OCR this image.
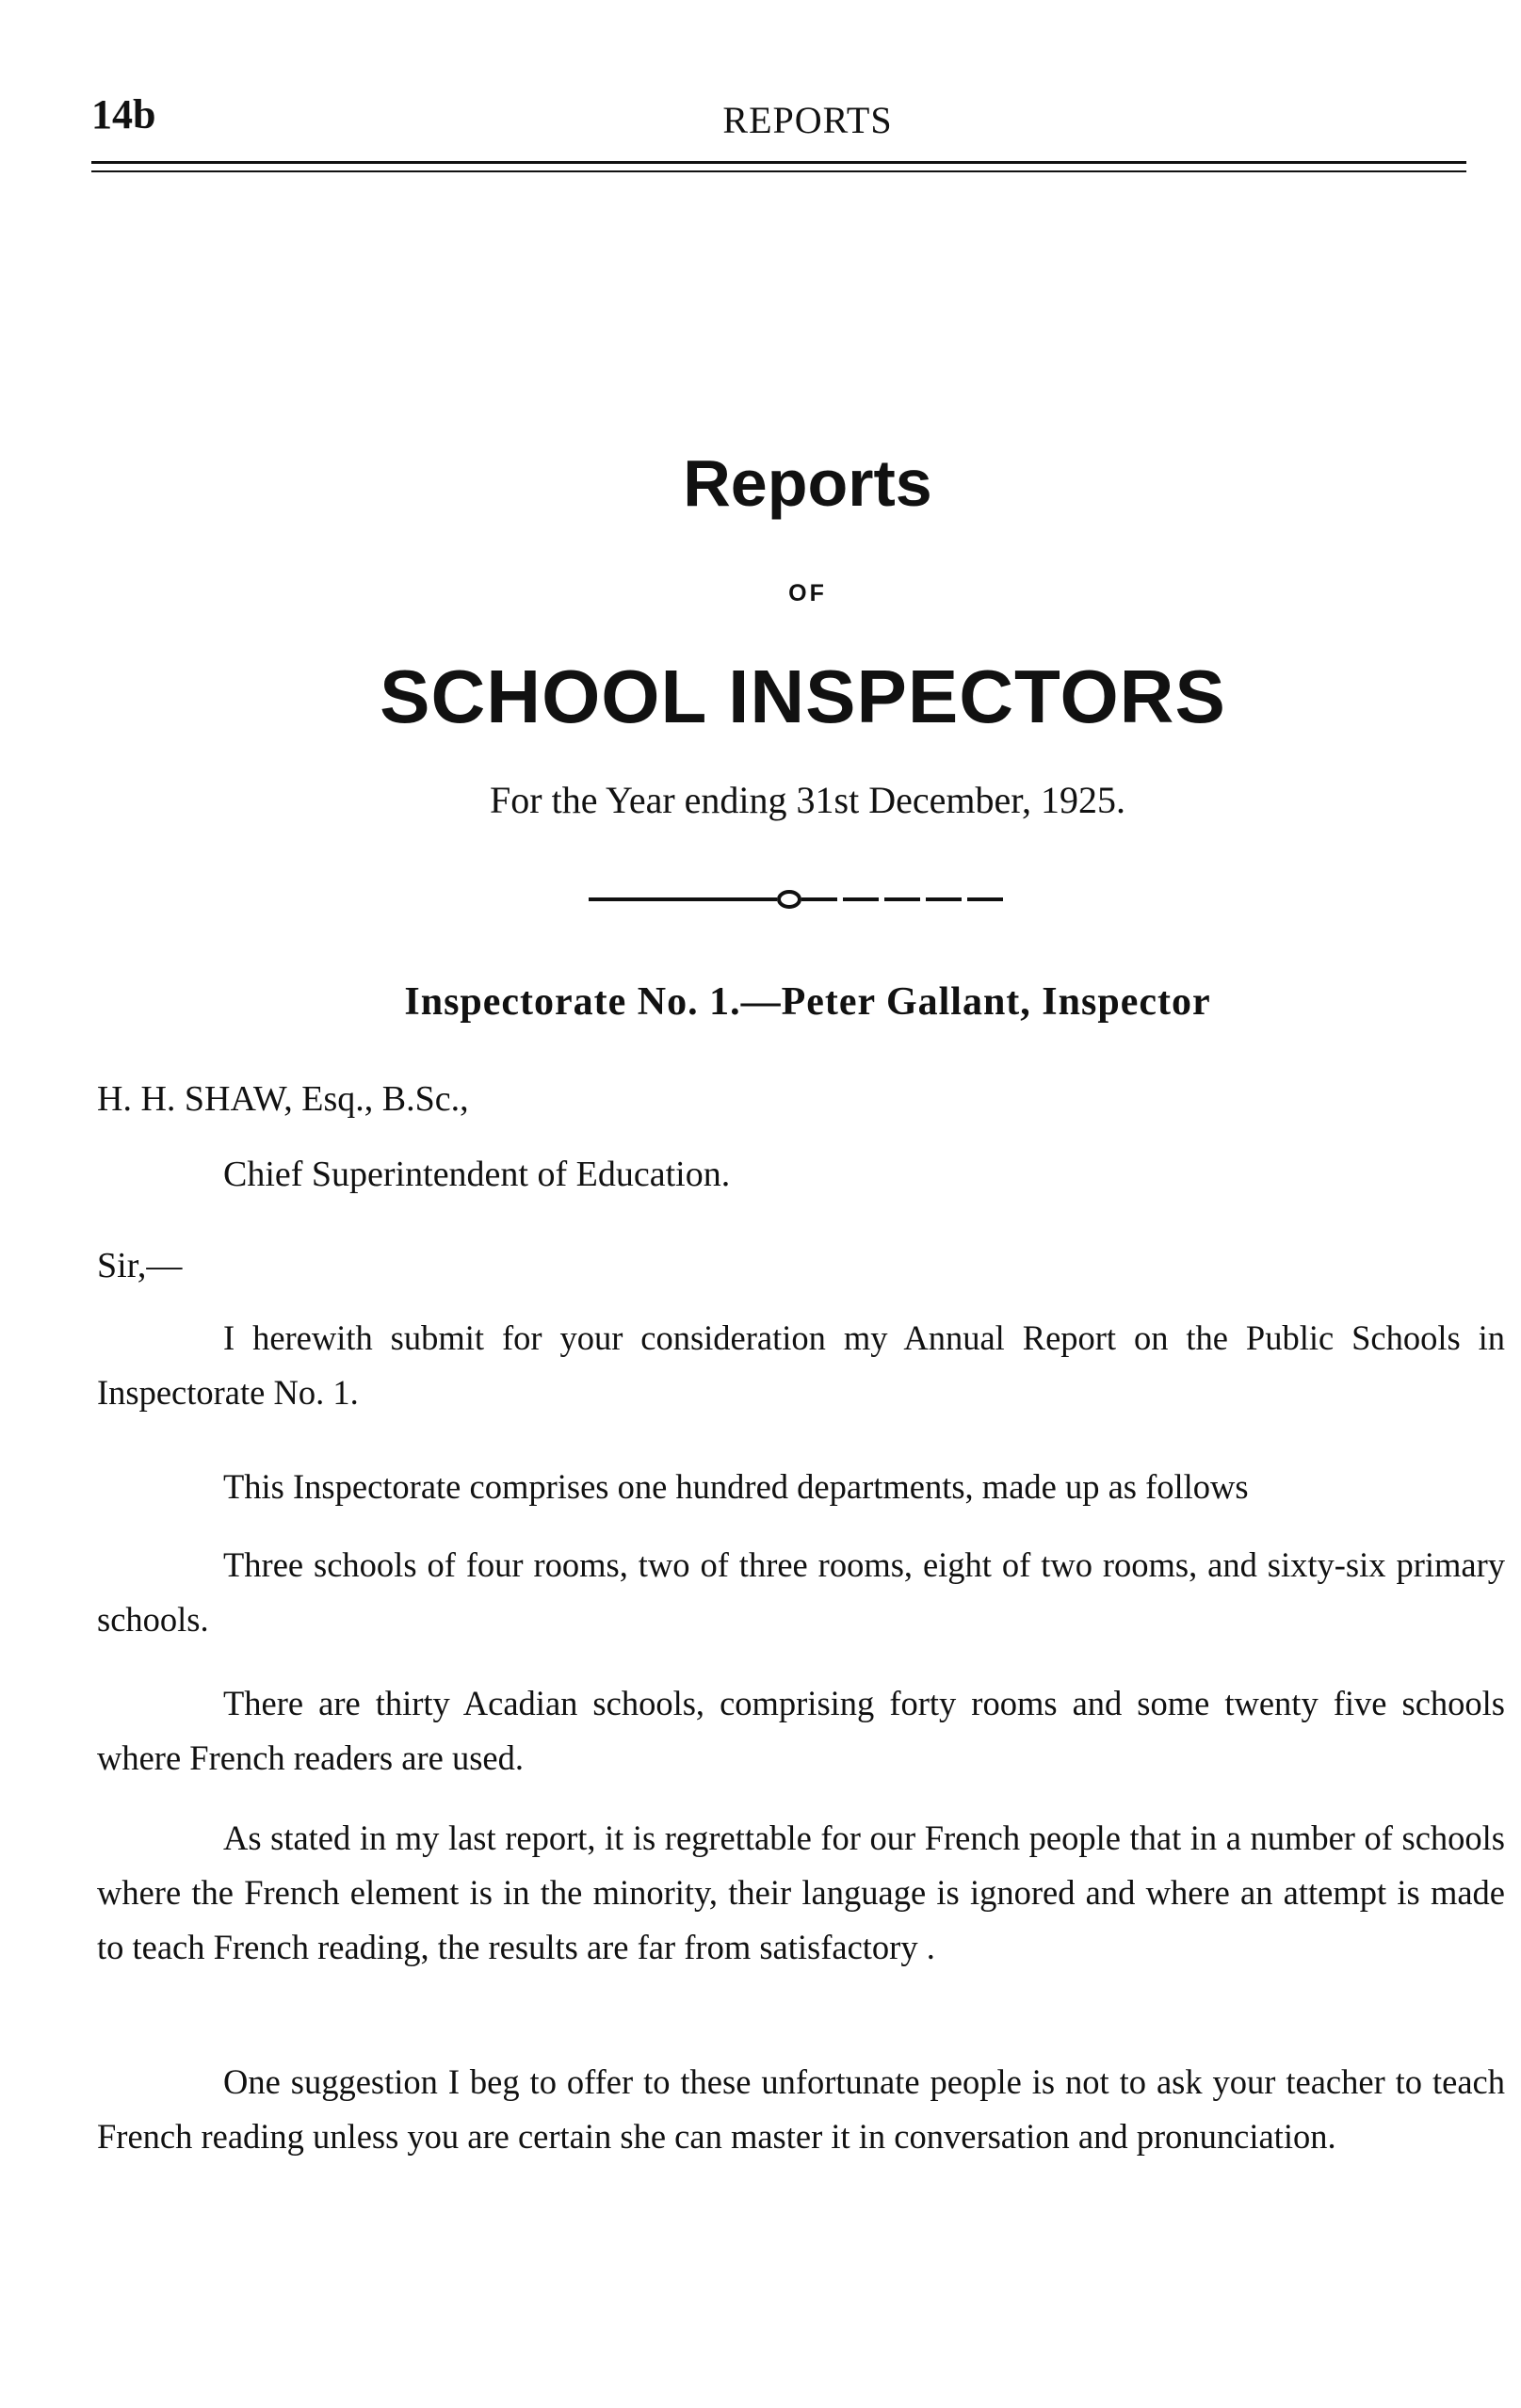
14b	REPORTS
Reports
OF
SCHOOL INSPECTORS
For the Year ending 31st December, 1925.
Inspectorate No. 1.—Peter Gallant, Inspector
H. H. SHAW, Esq., B.Sc.,
Chief Superintendent of Education.
Sir,—

I herewith submit for your consideration my Annual Report on the Public Schools in Inspectorate No. 1.

This Inspectorate comprises one hundred departments, made up as follows

Three schools of four rooms, two of three rooms, eight of two rooms, and sixty-six primary schools.

There are thirty Acadian schools, comprising forty rooms and some twenty five schools where French readers are used.

As stated in my last report, it is regrettable for our French people that in a number of schools where the French element is in the minority, their language is ignored and where an attempt is made to teach French reading, the results are far from satisfactory .

One suggestion I beg to offer to these unfortunate people is not to ask your teacher to teach French reading unless you are certain she can master it in conversation and pronunciation.
